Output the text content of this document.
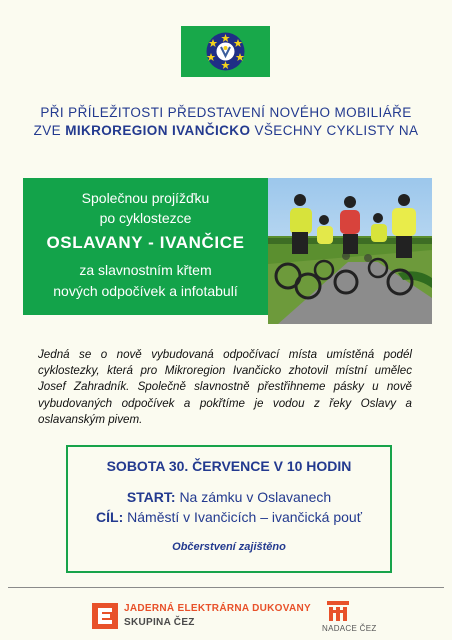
PŘI PŘÍLEŽITOSTI PŘEDSTAVENÍ NOVÉHO MOBILIÁŘE
ZVE MIKROREGION IVANČICKO VŠECHNY CYKLISTY NA
Společnou projížďku
po cyklostezce
OSLAVANY - IVANČICE
za slavnostním křtem
nových odpočívek a infotabulí
Jedná se o nově vybudovaná odpočívací místa umístěná podél cyklostezky, která pro Mikroregion Ivančicko zhotovil místní umělec Josef Zahradník. Společně slavnostně přestřihneme pásky u nově vybudovaných odpočívek a pokřtíme je vodou z řeky Oslavy a oslavanským pivem.
SOBOTA 30. ČERVENCE V 10 HODIN
START: Na zámku v Oslavanech
CÍL: Náměstí v Ivančicích – ivančická pouť
Občerstvení zajištěno
JADERNÁ ELEKTRÁRNA DUKOVANY
SKUPINA ČEZ
NADACE ČEZ
